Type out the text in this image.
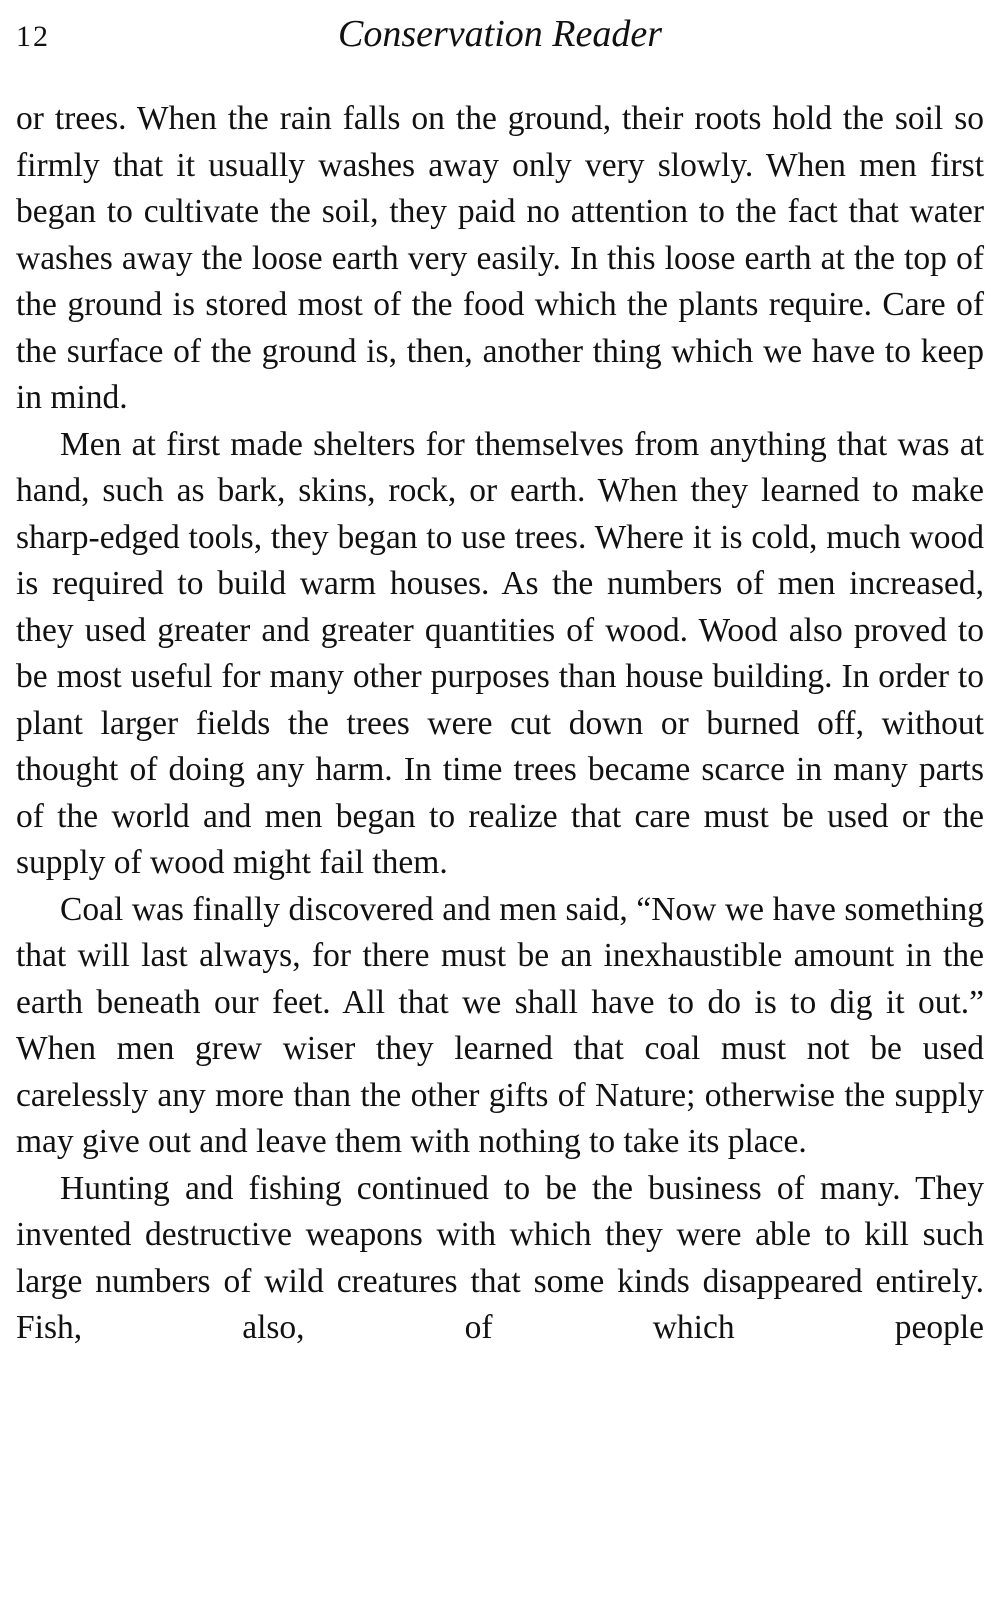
12	Conservation Reader

or trees. When the rain falls on the ground, their roots hold the soil so firmly that it usually washes away only very slowly. When men first began to cultivate the soil, they paid no attention to the fact that water washes away the loose earth very easily. In this loose earth at the top of the ground is stored most of the food which the plants require. Care of the surface of the ground is, then, another thing which we have to keep in mind.

Men at first made shelters for themselves from anything that was at hand, such as bark, skins, rock, or earth. When they learned to make sharp-edged tools, they began to use trees. Where it is cold, much wood is required to build warm houses. As the numbers of men increased, they used greater and greater quantities of wood. Wood also proved to be most useful for many other purposes than house building. In order to plant larger fields the trees were cut down or burned off, without thought of doing any harm. In time trees became scarce in many parts of the world and men began to realize that care must be used or the supply of wood might fail them.

Coal was finally discovered and men said, “Now we have something that will last always, for there must be an inexhaustible amount in the earth beneath our feet. All that we shall have to do is to dig it out.” When men grew wiser they learned that coal must not be used carelessly any more than the other gifts of Nature; otherwise the supply may give out and leave them with nothing to take its place.

Hunting and fishing continued to be the business of many. They invented destructive weapons with which they were able to kill such large numbers of wild creatures that some kinds disappeared entirely. Fish, also, of which people
